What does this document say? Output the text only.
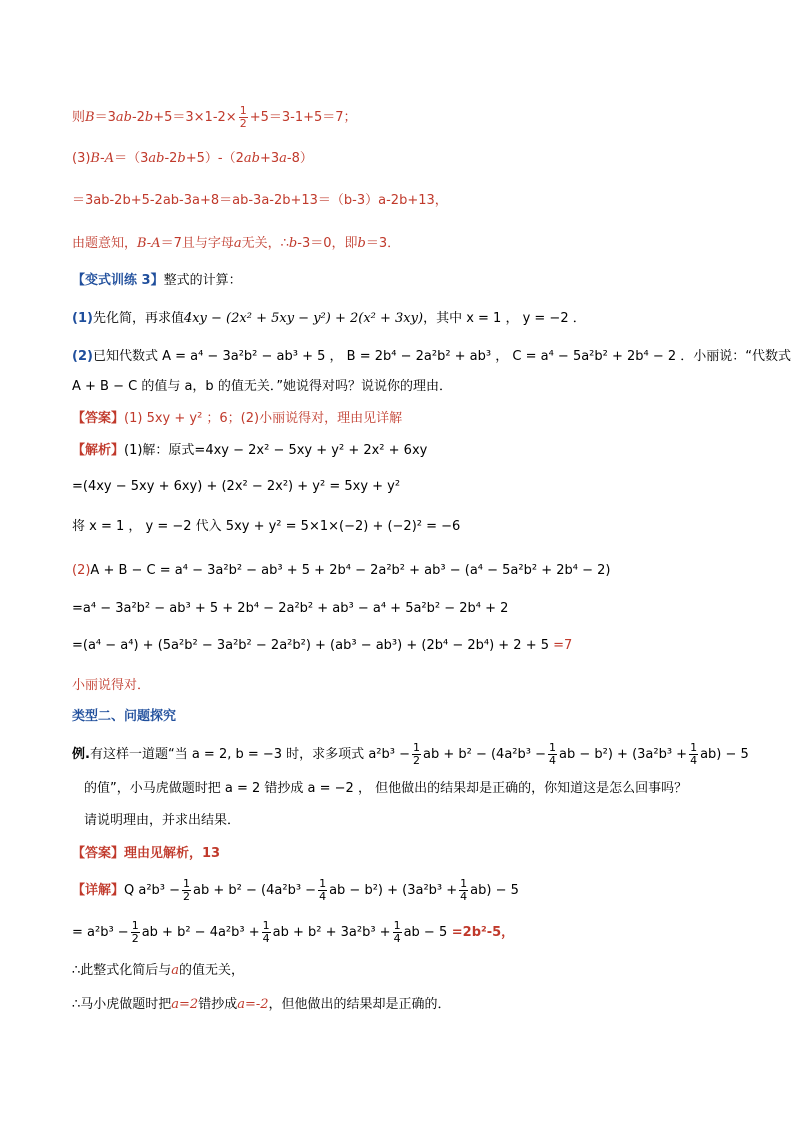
则$B=3ab-2b+5=3\times 1-2\times \frac{1}{2} +5=3-1+5=7$；
(3)B-A＝（3ab-2b+5）-（2ab+3a-8）
＝3ab-2b+5-2ab-3a+8＝ab-3a-2b+13＝（b-3）a-2b+13，
由题意知，B-A＝7且与字母a无关，∴b-3＝0，即b＝3．
【变式训练 3】整式的计算：
(1)先化简，再求值4xy − (2x² + 5xy − y²) + 2(x² + 3xy)，其中 x = 1 ， y = −2 ．
(2)已知代数式 A = a⁴ − 3a²b² − ab³ + 5 ， B = 2b⁴ − 2a²b² + ab³ ， C = a⁴ − 5a²b² + 2b⁴ − 2 ．小丽说：“代数式
A + B − C 的值与 a，b 的值无关．”她说得对吗？说说你的理由．
【答案】(1) 5xy + y² ；6；(2)小丽说得对，理由见详解
【解析】(1)解：原式=4xy − 2x² − 5xy + y² + 2x² + 6xy
=(4xy − 5xy + 6xy) + (2x² − 2x²) + y² = 5xy + y²
将 x = 1 ， y = −2 代入 5xy + y² = 5×1×(−2) + (−2)² = −6
(2)A + B − C = a⁴ − 3a²b² − ab³ + 5 + 2b⁴ − 2a²b² + ab³ − (a⁴ − 5a²b² + 2b⁴ − 2)
=a⁴ − 3a²b² − ab³ + 5 + 2b⁴ − 2a²b² + ab³ − a⁴ + 5a²b² − 2b⁴ + 2
=(a⁴ − a⁴) + (5a²b² − 3a²b² − 2a²b²) + (ab³ − ab³) + (2b⁴ − 2b⁴) + 2 + 5 =7
小丽说得对．
类型二、问题探究
例.有这样一道题“当 a = 2, b = −3 时，求多项式 $a^2b^3 - \frac{1}{2}$ ab + $b^2 - (4a^2b^3 - \frac{1}{4}$ ab − $b^2) + (3a^2b^3 + \frac{1}{4} ab) - 5$
的值”，小马虎做题时把 a = 2 错抄成 a = −2 ， 但他做出的结果却是正确的，你知道这是怎么回事吗？
请说明理由，并求出结果．
【答案】理由见解析，13
【详解】Q $a^2b^3 - \frac{1}{2}$ ab + $b^2 - (4a^2b^3 - \frac{1}{4}$ ab − $b^2) + (3a^2b^3 + \frac{1}{4} ab) - 5$
= $a^2b^3 - \frac{1}{2}$ ab + $b^2 - 4a^2b^3 + \frac{1}{4}$ ab + $b^2 + 3a^2b^3 + \frac{1}{4}$ ab − 5 =2b²-5，
∴此整式化简后与a的值无关，
∴马小虎做题时把a=2错抄成a=-2，但他做出的结果却是正确的．
